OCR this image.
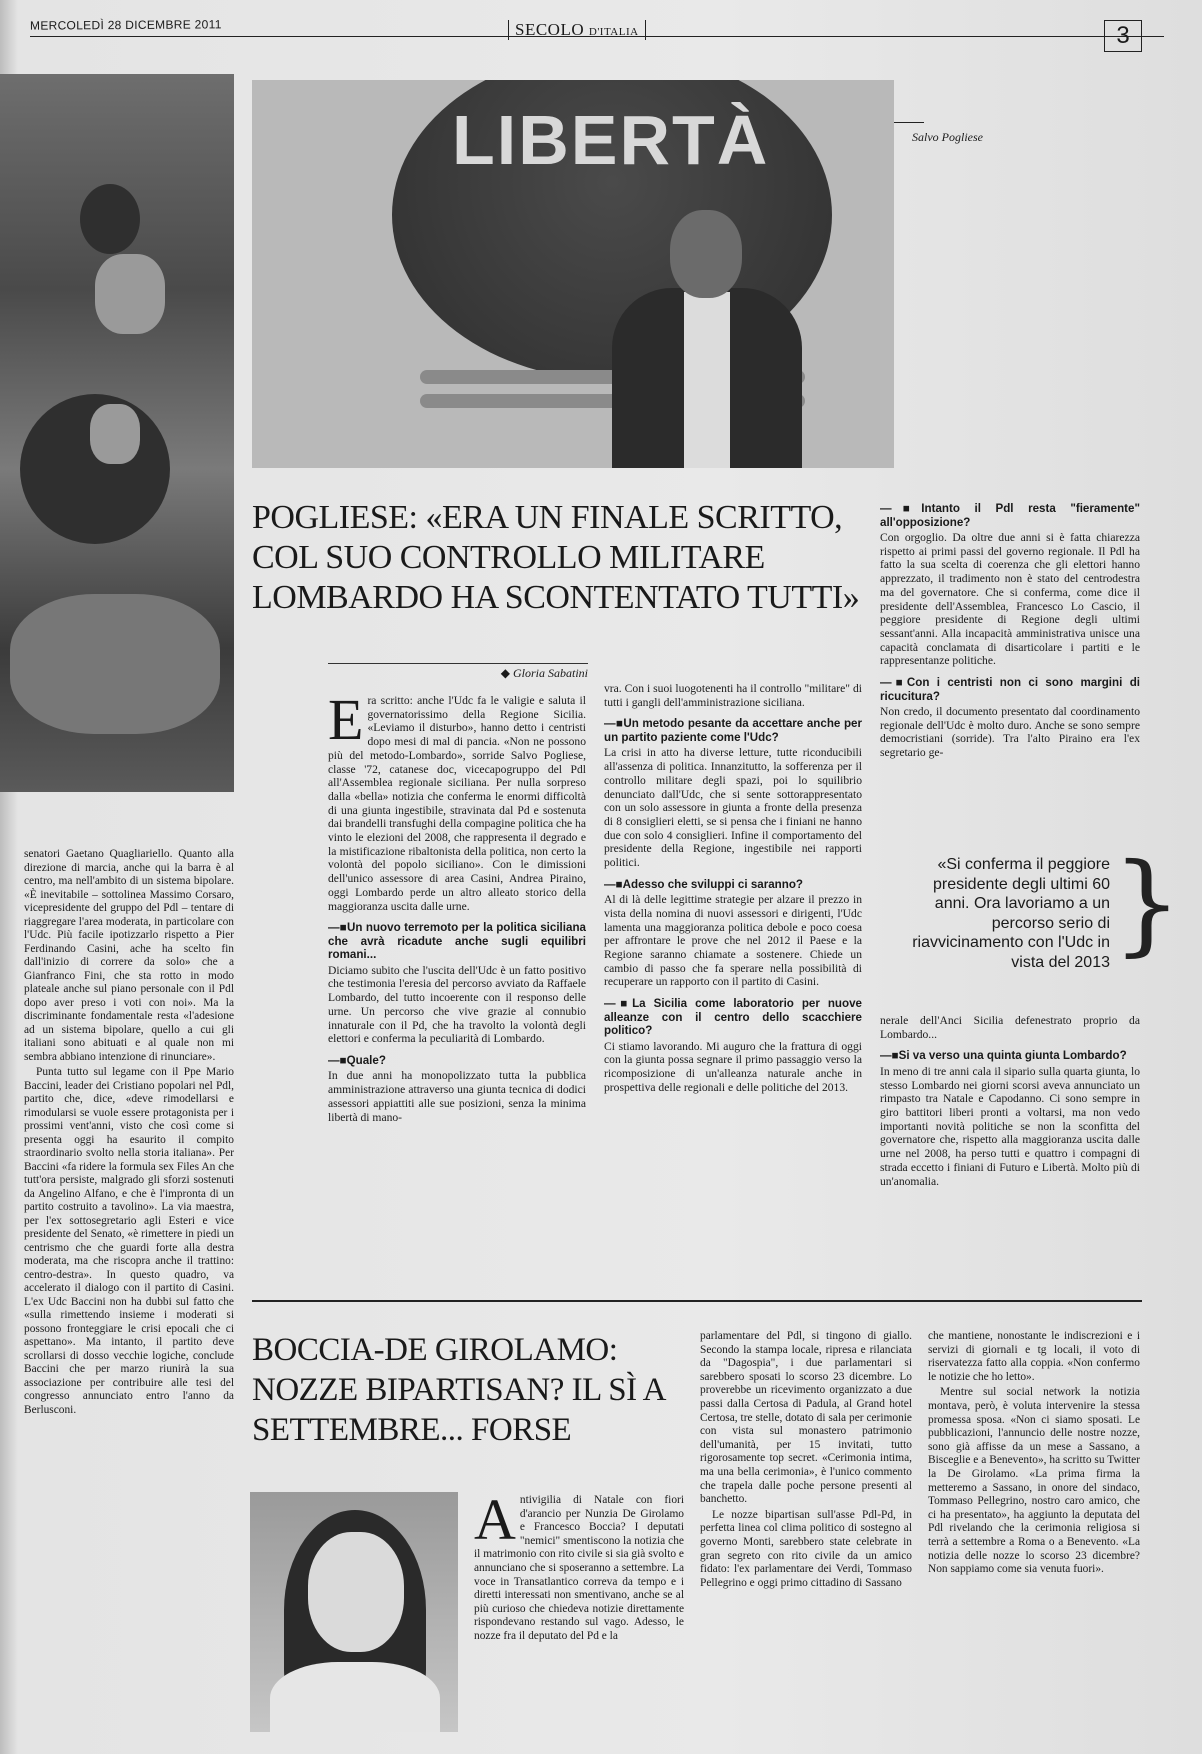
MERCOLEDÌ 28 DICEMBRE 2011	SECOLO D'ITALIA	3
LIBERTÀ	Salvo Pogliese
POGLIESE: «ERA UN FINALE SCRITTO, COL SUO CONTROLLO MILITARE LOMBARDO HA SCONTENTATO TUTTI»
◆ Gloria Sabatini

Era scritto: anche l'Udc fa le valigie e saluta il governatorissimo della Regione Sicilia. «Leviamo il disturbo», hanno detto i centristi dopo mesi di mal di pancia. «Non ne possono più del metodo-Lombardo», sorride Salvo Pogliese, classe '72, catanese doc, vicecapogruppo del Pdl all'Assemblea regionale siciliana. Per nulla sorpreso dalla «bella» notizia che conferma le enormi difficoltà di una giunta ingestibile, stravinata dal Pd e sostenuta dai brandelli transfughi della compagine politica che ha vinto le elezioni del 2008, che rappresenta il degrado e la mistificazione ribaltonista della politica, non certo la volontà del popolo siciliano». Con le dimissioni dell'unico assessore di area Casini, Andrea Piraino, oggi Lombardo perde un altro alleato storico della maggioranza uscita dalle urne.

—■ Un nuovo terremoto per la politica siciliana che avrà ricadute anche sugli equilibri romani...

Diciamo subito che l'uscita dell'Udc è un fatto positivo che testimonia l'eresia del percorso avviato da Raffaele Lombardo, del tutto incoerente con il responso delle urne. Un percorso che vive grazie al connubio innaturale con il Pd, che ha travolto la volontà degli elettori e conferma la peculiarità di Lombardo.

—■ Quale?

In due anni ha monopolizzato tutta la pubblica amministrazione attraverso una giunta tecnica di dodici assessori appiattiti alle sue posizioni, senza la minima libertà di mano-

vra. Con i suoi luogotenenti ha il controllo "militare" di tutti i gangli dell'amministrazione siciliana.

—■ Un metodo pesante da accettare anche per un partito paziente come l'Udc?

La crisi in atto ha diverse letture, tutte riconducibili all'assenza di politica. Innanzitutto, la sofferenza per il controllo militare degli spazi, poi lo squilibrio denunciato dall'Udc, che si sente sottorappresentato con un solo assessore in giunta a fronte della presenza di 8 consiglieri eletti, se si pensa che i finiani ne hanno due con solo 4 consiglieri. Infine il comportamento del presidente della Regione, ingestibile nei rapporti politici.

—■ Adesso che sviluppi ci saranno?

Al di là delle legittime strategie per alzare il prezzo in vista della nomina di nuovi assessori e dirigenti, l'Udc lamenta una maggioranza politica debole e poco coesa per affrontare le prove che nel 2012 il Paese e la Regione saranno chiamate a sostenere. Chiede un cambio di passo che fa sperare nella possibilità di recuperare un rapporto con il partito di Casini.

—■ La Sicilia come laboratorio per nuove alleanze con il centro dello scacchiere politico?

Ci stiamo lavorando. Mi auguro che la frattura di oggi con la giunta possa segnare il primo passaggio verso la ricomposizione di un'alleanza naturale anche in prospettiva delle regionali e delle politiche del 2013.

—■ Intanto il Pdl resta "fieramente" all'opposizione?

Con orgoglio. Da oltre due anni si è fatta chiarezza rispetto ai primi passi del governo regionale. Il Pdl ha fatto la sua scelta di coerenza che gli elettori hanno apprezzato, il tradimento non è stato del centrodestra ma del governatore. Che si conferma, come dice il presidente dell'Assemblea, Francesco Lo Cascio, il peggiore presidente di Regione degli ultimi sessant'anni. Alla incapacità amministrativa unisce una capacità conclamata di disarticolare i partiti e le rappresentanze politiche.

—■ Con i centristi non ci sono margini di ricucitura?

Non credo, il documento presentato dal coordinamento regionale dell'Udc è molto duro. Anche se sono sempre democristiani (sorride). Tra l'alto Piraino era l'ex segretario ge-

«Si conferma il peggiore presidente degli ultimi 60 anni. Ora lavoriamo a un percorso serio di riavvicinamento con l'Udc in vista del 2013 }

nerale dell'Anci Sicilia defenestrato proprio da Lombardo...

—■ Si va verso una quinta giunta Lombardo?

In meno di tre anni cala il sipario sulla quarta giunta, lo stesso Lombardo nei giorni scorsi aveva annunciato un rimpasto tra Natale e Capodanno. Ci sono sempre in giro battitori liberi pronti a voltarsi, ma non vedo importanti novità politiche se non la sconfitta del governatore che, rispetto alla maggioranza uscita dalle urne nel 2008, ha perso tutti e quattro i compagni di strada eccetto i finiani di Futuro e Libertà. Molto più di un'anomalia.

senatori Gaetano Quagliariello. Quanto alla direzione di marcia, anche qui la barra è al centro, ma nell'ambito di un sistema bipolare. «È inevitabile – sottolinea Massimo Corsaro, vicepresidente del gruppo del Pdl – tentare di riaggregare l'area moderata, in particolare con l'Udc. Più facile ipotizzarlo rispetto a Pier Ferdinando Casini, ache ha scelto fin dall'inizio di correre da solo» che a Gianfranco Fini, che sta rotto in modo plateale anche sul piano personale con il Pdl dopo aver preso i voti con noi». Ma la discriminante fondamentale resta «l'adesione ad un sistema bipolare, quello a cui gli italiani sono abituati e al quale non mi sembra abbiano intenzione di rinunciare».

Punta tutto sul legame con il Ppe Mario Baccini, leader dei Cristiano popolari nel Pdl, partito che, dice, «deve rimodellarsi e rimodularsi se vuole essere protagonista per i prossimi vent'anni, visto che così come si presenta oggi ha esaurito il compito straordinario svolto nella storia italiana». Per Baccini «fa ridere la formula sex Files An che tutt'ora persiste, malgrado gli sforzi sostenuti da Angelino Alfano, e che è l'impronta di un partito costruito a tavolino». La via maestra, per l'ex sottosegretario agli Esteri e vice presidente del Senato, «è rimettere in piedi un centrismo che che guardi forte alla destra moderata, ma che riscopra anche il trattino: centro-destra». In questo quadro, va accelerato il dialogo con il partito di Casini. L'ex Udc Baccini non ha dubbi sul fatto che «sulla rimettendo insieme i moderati si possono fronteggiare le crisi epocali che ci aspettano». Ma intanto, il partito deve scrollarsi di dosso vecchie logiche, conclude Baccini che per marzo riunirà la sua associazione per contribuire alle tesi del congresso annunciato entro l'anno da Berlusconi.

BOCCIA-DE GIROLAMO: NOZZE BIPARTISAN? IL SÌ A SETTEMBRE... FORSE

Antivigilia di Natale con fiori d'arancio per Nunzia De Girolamo e Francesco Boccia? I deputati "nemici" smentiscono la notizia che il matrimonio con rito civile si sia già svolto e annunciano che si sposeranno a settembre. La voce in Transatlantico correva da tempo e i diretti interessati non smentivano, anche se al più curioso che chiedeva notizie direttamente rispondevano restando sul vago. Adesso, le nozze fra il deputato del Pd e la

parlamentare del Pdl, si tingono di giallo. Secondo la stampa locale, ripresa e rilanciata da "Dagospia", i due parlamentari si sarebbero sposati lo scorso 23 dicembre. Lo proverebbe un ricevimento organizzato a due passi dalla Certosa di Padula, al Grand hotel Certosa, tre stelle, dotato di sala per cerimonie con vista sul monastero patrimonio dell'umanità, per 15 invitati, tutto rigorosamente top secret. «Cerimonia intima, ma una bella cerimonia», è l'unico commento che trapela dalle poche persone presenti al banchetto.

Le nozze bipartisan sull'asse Pdl-Pd, in perfetta linea col clima politico di sostegno al governo Monti, sarebbero state celebrate in gran segreto con rito civile da un amico fidato: l'ex parlamentare dei Verdi, Tommaso Pellegrino e oggi primo cittadino di Sassano

che mantiene, nonostante le indiscrezioni e i servizi di giornali e tg locali, il voto di riservatezza fatto alla coppia. «Non confermo le notizie che ho letto».

Mentre sul social network la notizia montava, però, è voluta intervenire la stessa promessa sposa. «Non ci siamo sposati. Le pubblicazioni, l'annuncio delle nostre nozze, sono già affisse da un mese a Sassano, a Bisceglie e a Benevento», ha scritto su Twitter la De Girolamo. «La prima firma la metteremo a Sassano, in onore del sindaco, Tommaso Pellegrino, nostro caro amico, che ci ha presentato», ha aggiunto la deputata del Pdl rivelando che la cerimonia religiosa si terrà a settembre a Roma o a Benevento. «La notizia delle nozze lo scorso 23 dicembre? Non sappiamo come sia venuta fuori».
